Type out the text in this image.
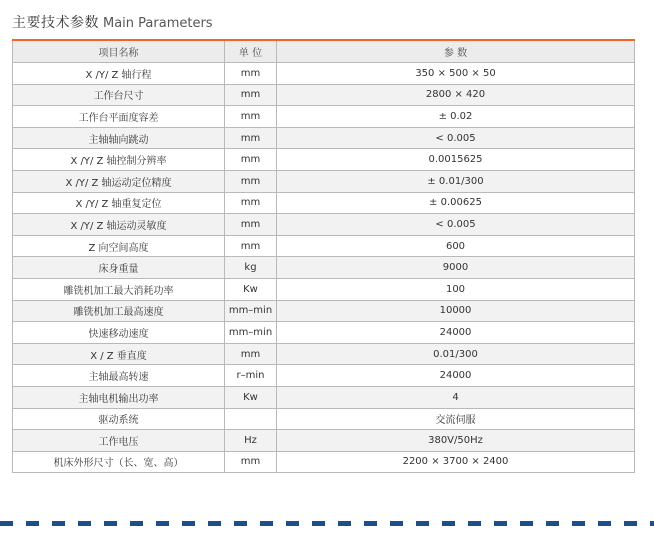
主要技术参数 Main Parameters
项目名称	单 位	参 数
X /Y/ Z 轴行程	mm	350 × 500 × 50
工作台尺寸	mm	2800 × 420
工作台平面度容差	mm	± 0.02
主轴轴向跳动	mm	< 0.005
X /Y/ Z 轴控制分辨率	mm	0.0015625
X /Y/ Z 轴运动定位精度	mm	± 0.01/300
X /Y/ Z 轴重复定位	mm	± 0.00625
X /Y/ Z 轴运动灵敏度	mm	< 0.005
Z 向空间高度	mm	600
床身重量	kg	9000
雕铣机加工最大消耗功率	Kw	100
雕铣机加工最高速度	mm–min	10000
快速移动速度	mm–min	24000
X / Z 垂直度	mm	0.01/300
主轴最高转速	r–min	24000
主轴电机输出功率	Kw	4
驱动系统		交流伺服
工作电压	Hz	380V/50Hz
机床外形尺寸（长、宽、高）	mm	2200 × 3700 × 2400
